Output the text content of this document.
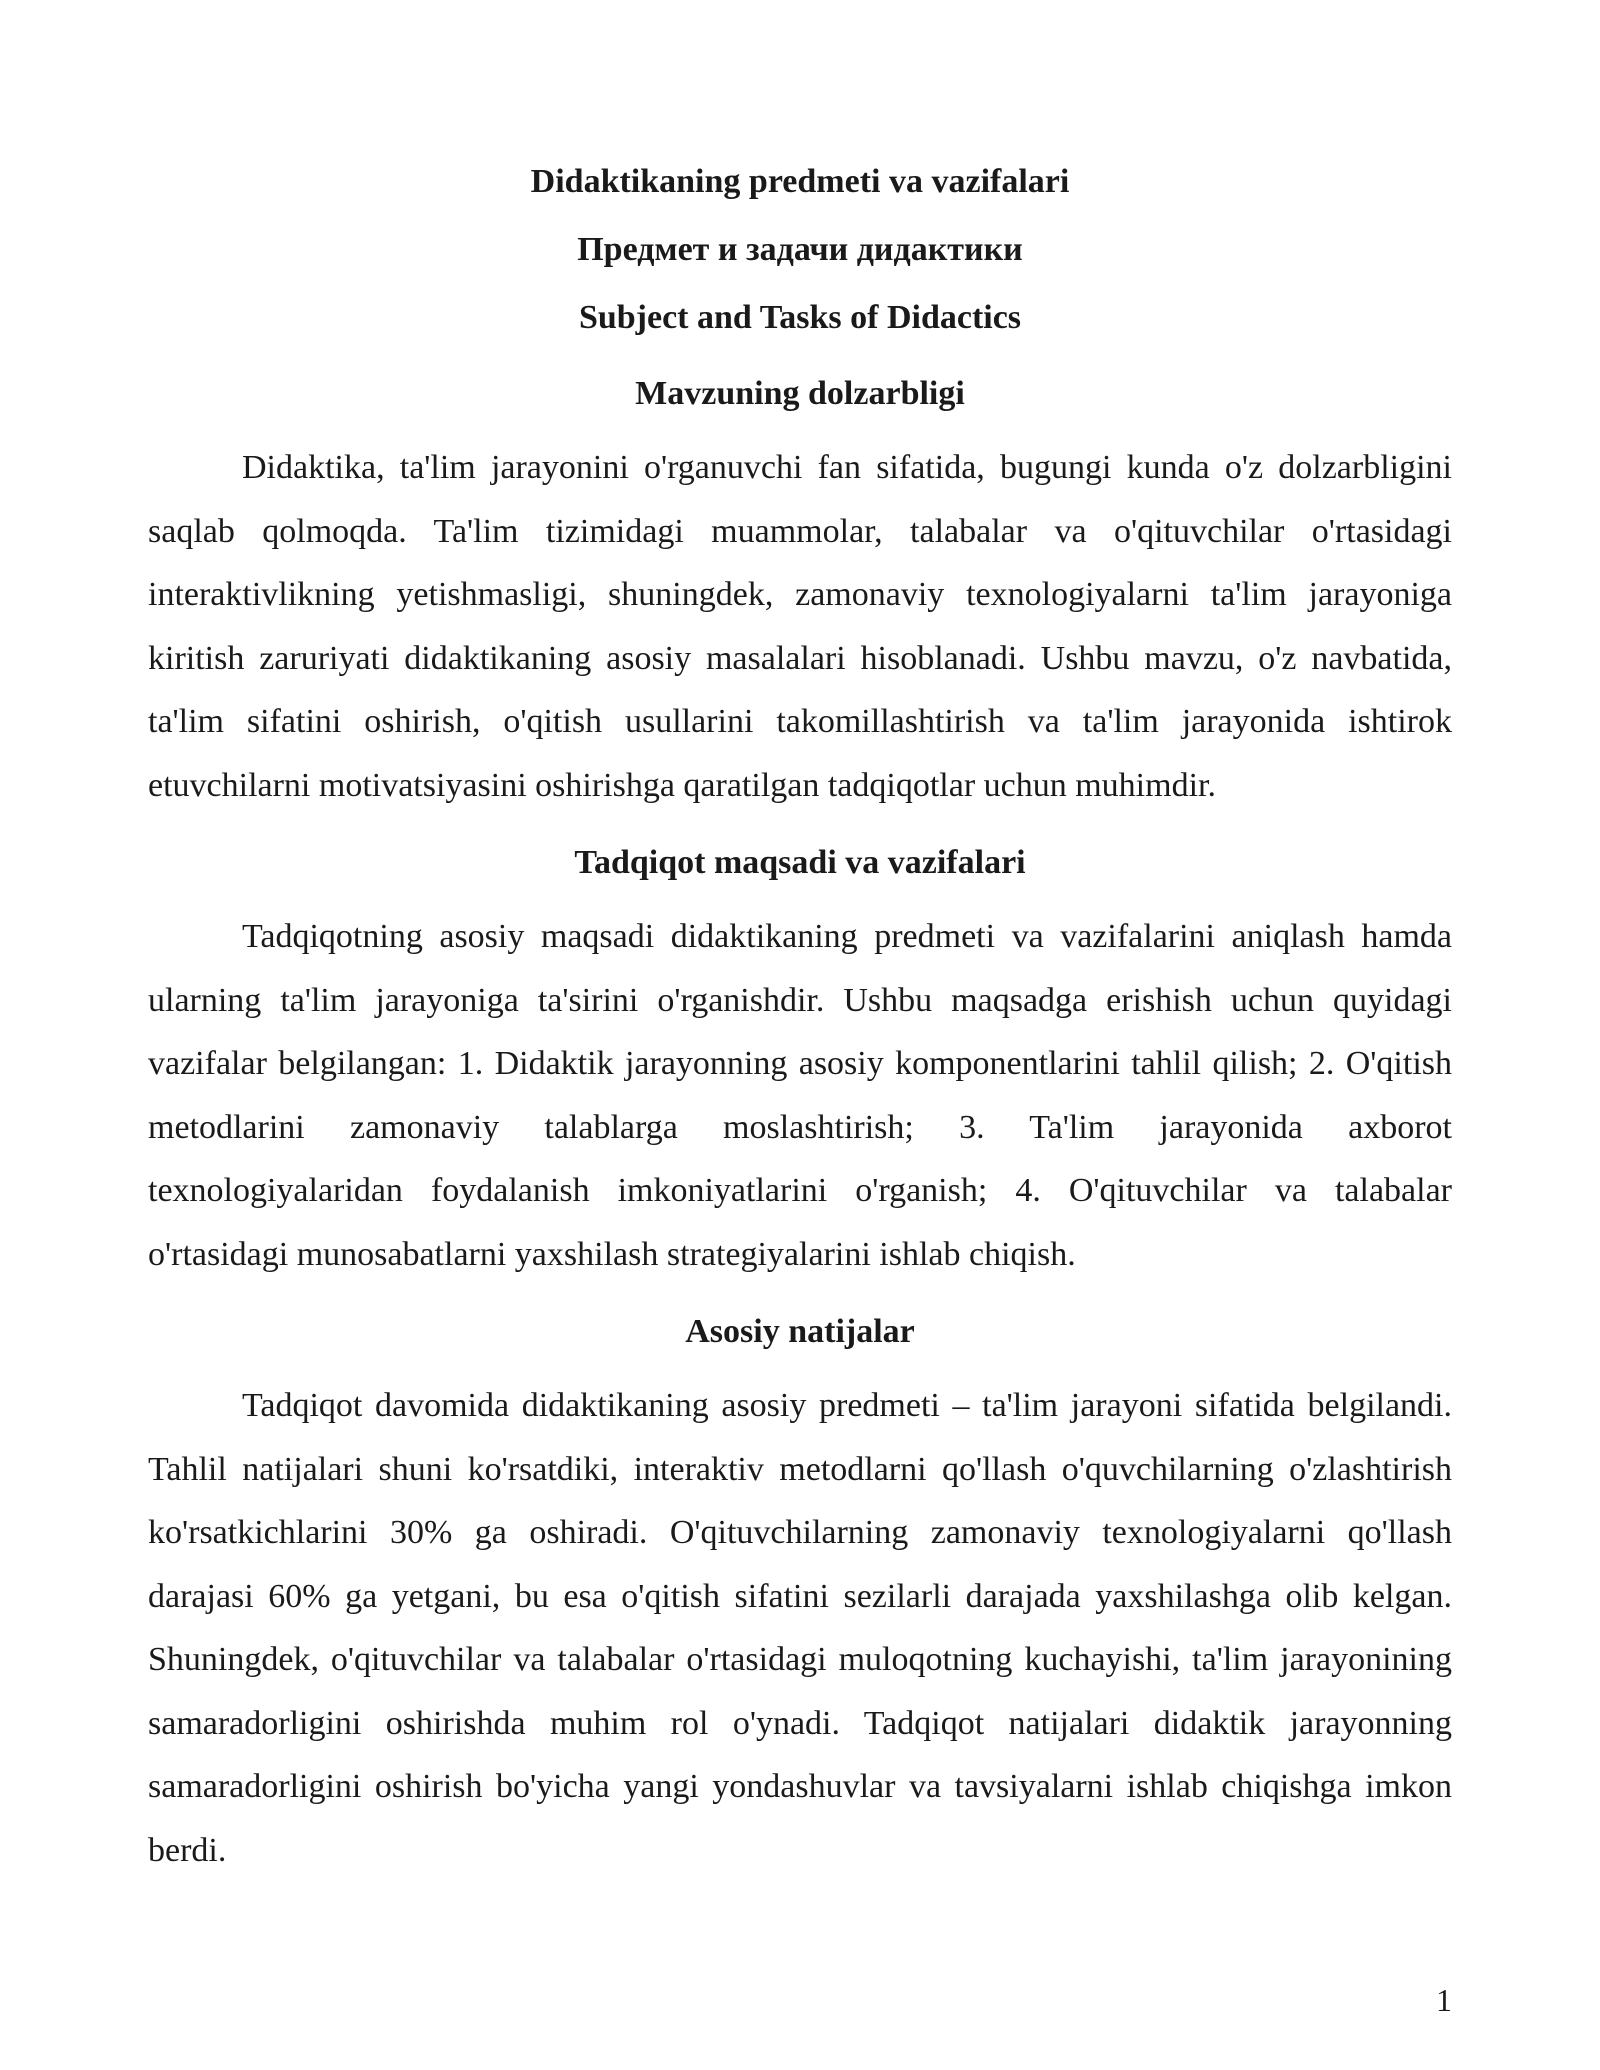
Didaktikaning predmeti va vazifalari

Предмет и задачи дидактики

Subject and Tasks of Didactics

Mavzuning dolzarbligi

Didaktika, ta'lim jarayonini o'rganuvchi fan sifatida, bugungi kunda o'z dolzarbligini saqlab qolmoqda. Ta'lim tizimidagi muammolar, talabalar va o'qituvchilar o'rtasidagi interaktivlikning yetishmasligi, shuningdek, zamonaviy texnologiyalarni ta'lim jarayoniga kiritish zaruriyati didaktikaning asosiy masalalari hisoblanadi. Ushbu mavzu, o'z navbatida, ta'lim sifatini oshirish, o'qitish usullarini takomillashtirish va ta'lim jarayonida ishtirok etuvchilarni motivatsiyasini oshirishga qaratilgan tadqiqotlar uchun muhimdir.

Tadqiqot maqsadi va vazifalari

Tadqiqotning asosiy maqsadi didaktikaning predmeti va vazifalarini aniqlash hamda ularning ta'lim jarayoniga ta'sirini o'rganishdir. Ushbu maqsadga erishish uchun quyidagi vazifalar belgilangan: 1. Didaktik jarayonning asosiy komponentlarini tahlil qilish; 2. O'qitish metodlarini zamonaviy talablarga moslashtirish; 3. Ta'lim jarayonida axborot texnologiyalaridan foydalanish imkoniyatlarini o'rganish; 4. O'qituvchilar va talabalar o'rtasidagi munosabatlarni yaxshilash strategiyalarini ishlab chiqish.

Asosiy natijalar

Tadqiqot davomida didaktikaning asosiy predmeti – ta'lim jarayoni sifatida belgilandi. Tahlil natijalari shuni ko'rsatdiki, interaktiv metodlarni qo'llash o'quvchilarning o'zlashtirish ko'rsatkichlarini 30% ga oshiradi. O'qituvchilarning zamonaviy texnologiyalarni qo'llash darajasi 60% ga yetgani, bu esa o'qitish sifatini sezilarli darajada yaxshilashga olib kelgan. Shuningdek, o'qituvchilar va talabalar o'rtasidagi muloqotning kuchayishi, ta'lim jarayonining samaradorligini oshirishda muhim rol o'ynadi. Tadqiqot natijalari didaktik jarayonning samaradorligini oshirish bo'yicha yangi yondashuvlar va tavsiyalarni ishlab chiqishga imkon berdi.

1
